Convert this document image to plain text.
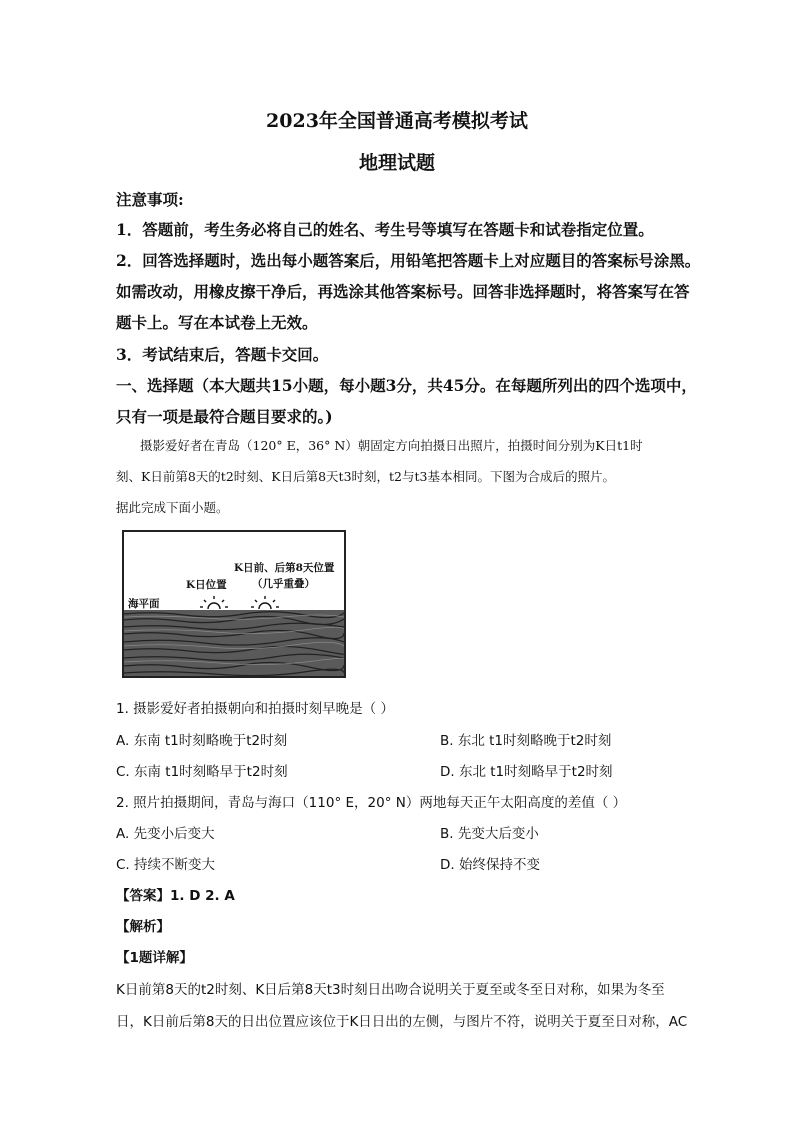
2023年全国普通高考模拟考试
地理试题
注意事项:
1．答题前，考生务必将自己的姓名、考生号等填写在答题卡和试卷指定位置。
2．回答选择题时，选出每小题答案后，用铅笔把答题卡上对应题目的答案标号涂黑。
如需改动，用橡皮擦干净后，再选涂其他答案标号。回答非选择题时，将答案写在答
题卡上。写在本试卷上无效。
3．考试结束后，答题卡交回。
一、选择题（本大题共15小题，每小题3分，共45分。在每题所列出的四个选项中，
只有一项是最符合题目要求的。)
摄影爱好者在青岛（120° E，36° N）朝固定方向拍摄日出照片，拍摄时间分别为K日t1时
刻、K日前第8天的t2时刻、K日后第8天t3时刻，t2与t3基本相同。下图为合成后的照片。
据此完成下面小题。
海平面
K日位置
K日前、后第8天位置
（几乎重叠）
1. 摄影爱好者拍摄朝向和拍摄时刻早晚是（ ）
A. 东南 t1时刻略晚于t2时刻	B. 东北 t1时刻略晚于t2时刻
C. 东南 t1时刻略早于t2时刻	D. 东北 t1时刻略早于t2时刻
2. 照片拍摄期间，青岛与海口（110° E，20° N）两地每天正午太阳高度的差值（ ）
A. 先变小后变大	B. 先变大后变小
C. 持续不断变大	D. 始终保持不变
【答案】1. D 2. A
【解析】
【1题详解】
K日前第8天的t2时刻、K日后第8天t3时刻日出吻合说明关于夏至或冬至日对称，如果为冬至
日，K日前后第8天的日出位置应该位于K日日出的左侧，与图片不符，说明关于夏至日对称，AC
